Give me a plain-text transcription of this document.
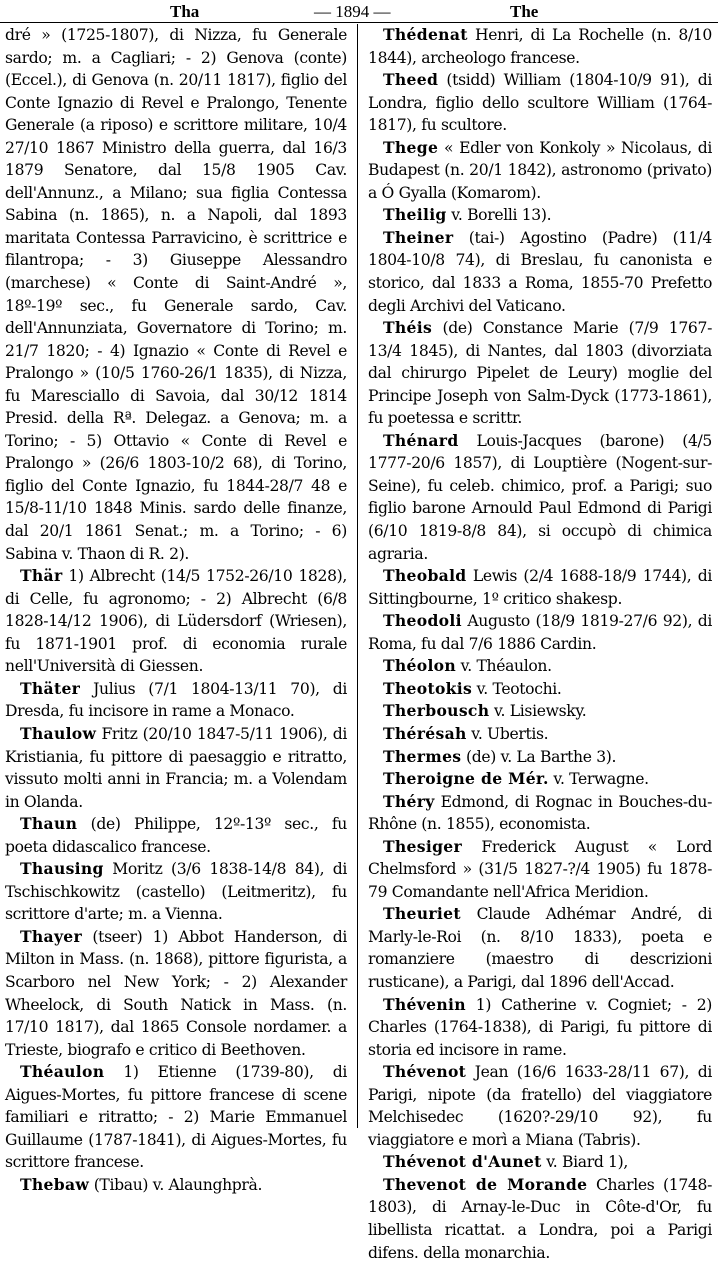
Tha	— 1894 —	The

dré » (1725-1807), di Nizza, fu Generale sardo; m. a Cagliari; - 2) Genova (conte) (Eccel.), di Genova (n. 20/11 1817), figlio del Conte Ignazio di Revel e Pralongo, Tenente Generale (a riposo) e scrittore militare, 10/4 27/10 1867 Ministro della guerra, dal 16/3 1879 Senatore, dal 15/8 1905 Cav. dell'Annunz., a Milano; sua figlia Contessa Sabina (n. 1865), n. a Napoli, dal 1893 maritata Contessa Parravicino, è scrittrice e filantropa; - 3) Giuseppe Alessandro (marchese) « Conte di Saint-André », 18º-19º sec., fu Generale sardo, Cav. dell'Annunziata, Governatore di Torino; m. 21/7 1820; - 4) Ignazio « Conte di Revel e Pralongo » (10/5 1760-26/1 1835), di Nizza, fu Maresciallo di Savoia, dal 30/12 1814 Presid. della Rª. Delegaz. a Genova; m. a Torino; - 5) Ottavio « Conte di Revel e Pralongo » (26/6 1803-10/2 68), di Torino, figlio del Conte Ignazio, fu 1844-28/7 48 e 15/8-11/10 1848 Minis. sardo delle finanze, dal 20/1 1861 Senat.; m. a Torino; - 6) Sabina v. Thaon di R. 2).

Thär 1) Albrecht (14/5 1752-26/10 1828), di Celle, fu agronomo; - 2) Albrecht (6/8 1828-14/12 1906), di Lüdersdorf (Wriesen), fu 1871-1901 prof. di economia rurale nell'Università di Giessen.

Thäter Julius (7/1 1804-13/11 70), di Dresda, fu incisore in rame a Monaco.

Thaulow Fritz (20/10 1847-5/11 1906), di Kristiania, fu pittore di paesaggio e ritratto, vissuto molti anni in Francia; m. a Volendam in Olanda.

Thaun (de) Philippe, 12º-13º sec., fu poeta didascalico francese.

Thausing Moritz (3/6 1838-14/8 84), di Tschischkowitz (castello) (Leitmeritz), fu scrittore d'arte; m. a Vienna.

Thayer (tseer) 1) Abbot Handerson, di Milton in Mass. (n. 1868), pittore figurista, a Scarboro nel New York; - 2) Alexander Wheelock, di South Natick in Mass. (n. 17/10 1817), dal 1865 Console nordamer. a Trieste, biografo e critico di Beethoven.

Théaulon 1) Etienne (1739-80), di Aigues-Mortes, fu pittore francese di scene familiari e ritratto; - 2) Marie Emmanuel Guillaume (1787-1841), di Aigues-Mortes, fu scrittore francese.

Thebaw (Tibau) v. Alaunghprà.

Thédenat Henri, di La Rochelle (n. 8/10 1844), archeologo francese.

Theed (tsidd) William (1804-10/9 91), di Londra, figlio dello scultore William (1764-1817), fu scultore.

Thege « Edler von Konkoly » Nicolaus, di Budapest (n. 20/1 1842), astronomo (privato) a Ó Gyalla (Komarom).

Theilig v. Borelli 13).

Theiner (tai-) Agostino (Padre) (11/4 1804-10/8 74), di Breslau, fu canonista e storico, dal 1833 a Roma, 1855-70 Prefetto degli Archivi del Vaticano.

Théis (de) Constance Marie (7/9 1767-13/4 1845), di Nantes, dal 1803 (divorziata dal chirurgo Pipelet de Leury) moglie del Principe Joseph von Salm-Dyck (1773-1861), fu poetessa e scrittr.

Thénard Louis-Jacques (barone) (4/5 1777-20/6 1857), di Louptière (Nogent-sur-Seine), fu celeb. chimico, prof. a Parigi; suo figlio barone Arnould Paul Edmond di Parigi (6/10 1819-8/8 84), si occupò di chimica agraria.

Theobald Lewis (2/4 1688-18/9 1744), di Sittingbourne, 1º critico shakesp.

Theodoli Augusto (18/9 1819-27/6 92), di Roma, fu dal 7/6 1886 Cardin.

Théolon v. Théaulon.

Theotokis v. Teotochi.

Therbousch v. Lisiewsky.

Thérésah v. Ubertis.

Thermes (de) v. La Barthe 3).

Theroigne de Mér. v. Terwagne.

Théry Edmond, di Rognac in Bouches-du-Rhône (n. 1855), economista.

Thesiger Frederick August « Lord Chelmsford » (31/5 1827-?/4 1905) fu 1878-79 Comandante nell'Africa Meridion.

Theuriet Claude Adhémar André, di Marly-le-Roi (n. 8/10 1833), poeta e romanziere (maestro di descrizioni rusticane), a Parigi, dal 1896 dell'Accad.

Thévenin 1) Catherine v. Cogniet; - 2) Charles (1764-1838), di Parigi, fu pittore di storia ed incisore in rame.

Thévenot Jean (16/6 1633-28/11 67), di Parigi, nipote (da fratello) del viaggiatore Melchisedec (1620?-29/10 92), fu viaggiatore e morì a Miana (Tabris).

Thévenot d'Aunet v. Biard 1),

Thevenot de Morande Charles (1748-1803), di Arnay-le-Duc in Côte-d'Or, fu libellista ricattat. a Londra, poi a Parigi difens. della monarchia.
